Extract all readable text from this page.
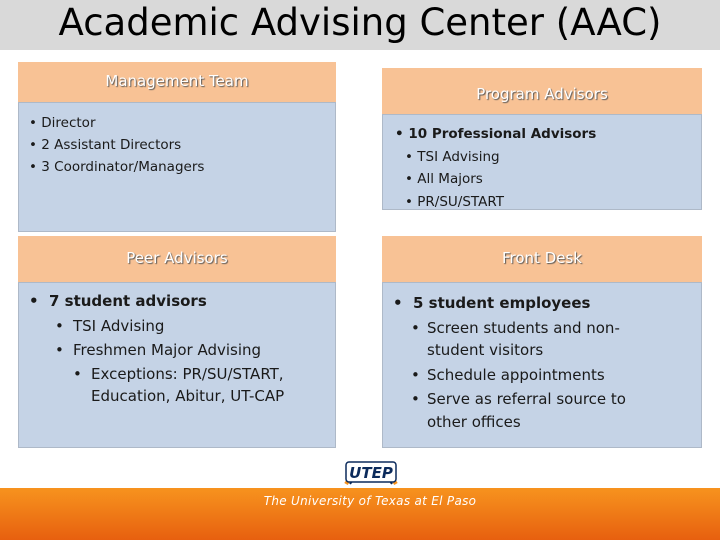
Academic Advising Center (AAC)
Management Team
• Director
• 2 Assistant Directors
• 3 Coordinator/Managers
Program Advisors
• 10 Professional Advisors
• TSI Advising
• All Majors
• PR/SU/START
Peer Advisors
• 7 student advisors
• TSI Advising
• Freshmen Major Advising
• Exceptions: PR/SU/START, Education, Abitur, UT-CAP
Front Desk
• 5 student employees
• Screen students and non-student visitors
• Schedule appointments
• Serve as referral source to other offices
UTEP
The University of Texas at El Paso
